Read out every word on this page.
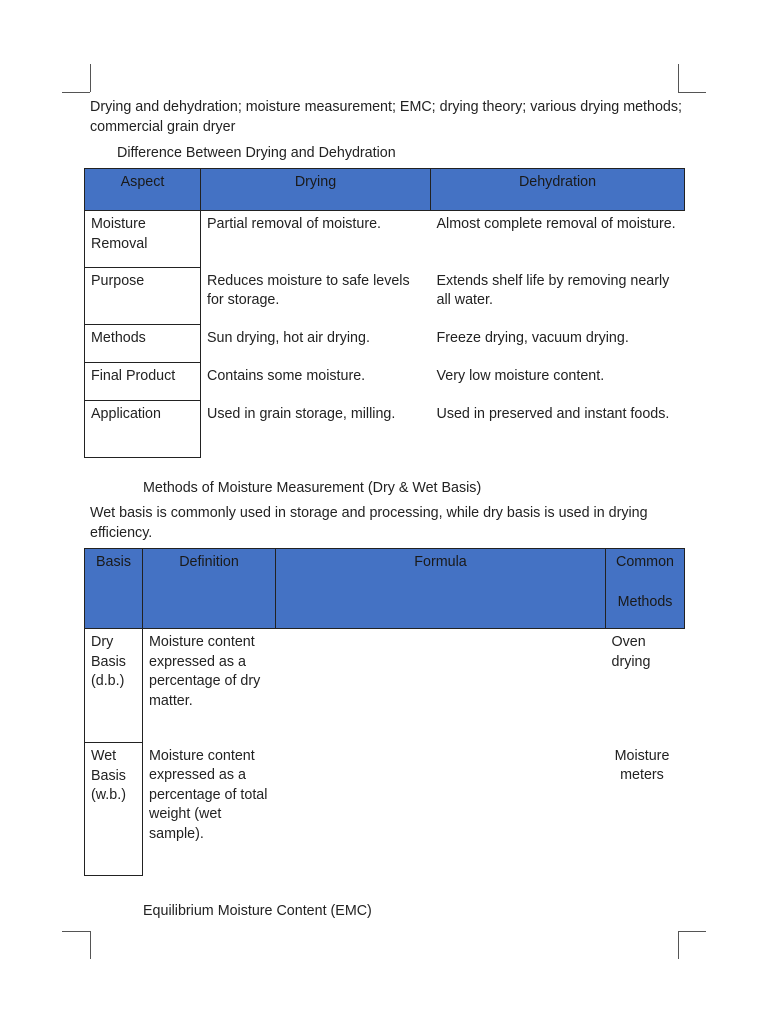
Drying and dehydration; moisture measurement; EMC; drying theory; various drying methods; commercial grain dryer
Difference Between Drying and Dehydration
Aspect	Drying	Dehydration

Moisture Removal	Partial removal of moisture.	Almost complete removal of moisture.

Purpose	Reduces moisture to safe levels for storage.	Extends shelf life by removing nearly all water.

Methods	Sun drying, hot air drying.	Freeze drying, vacuum drying.

Final Product	Contains some moisture.	Very low moisture content.

Application	Used in grain storage, milling.	Used in preserved and instant foods.
Methods of Moisture Measurement (Dry & Wet Basis)
Wet basis is commonly used in storage and processing, while dry basis is used in drying efficiency.
Basis	Definition	Formula	Common
Methods

Dry Basis (d.b.)	Moisture content expressed as a percentage of dry matter.		Oven drying

Wet Basis (w.b.)	Moisture content expressed as a percentage of total weight (wet sample).		Moisture meters
Equilibrium Moisture Content (EMC)
